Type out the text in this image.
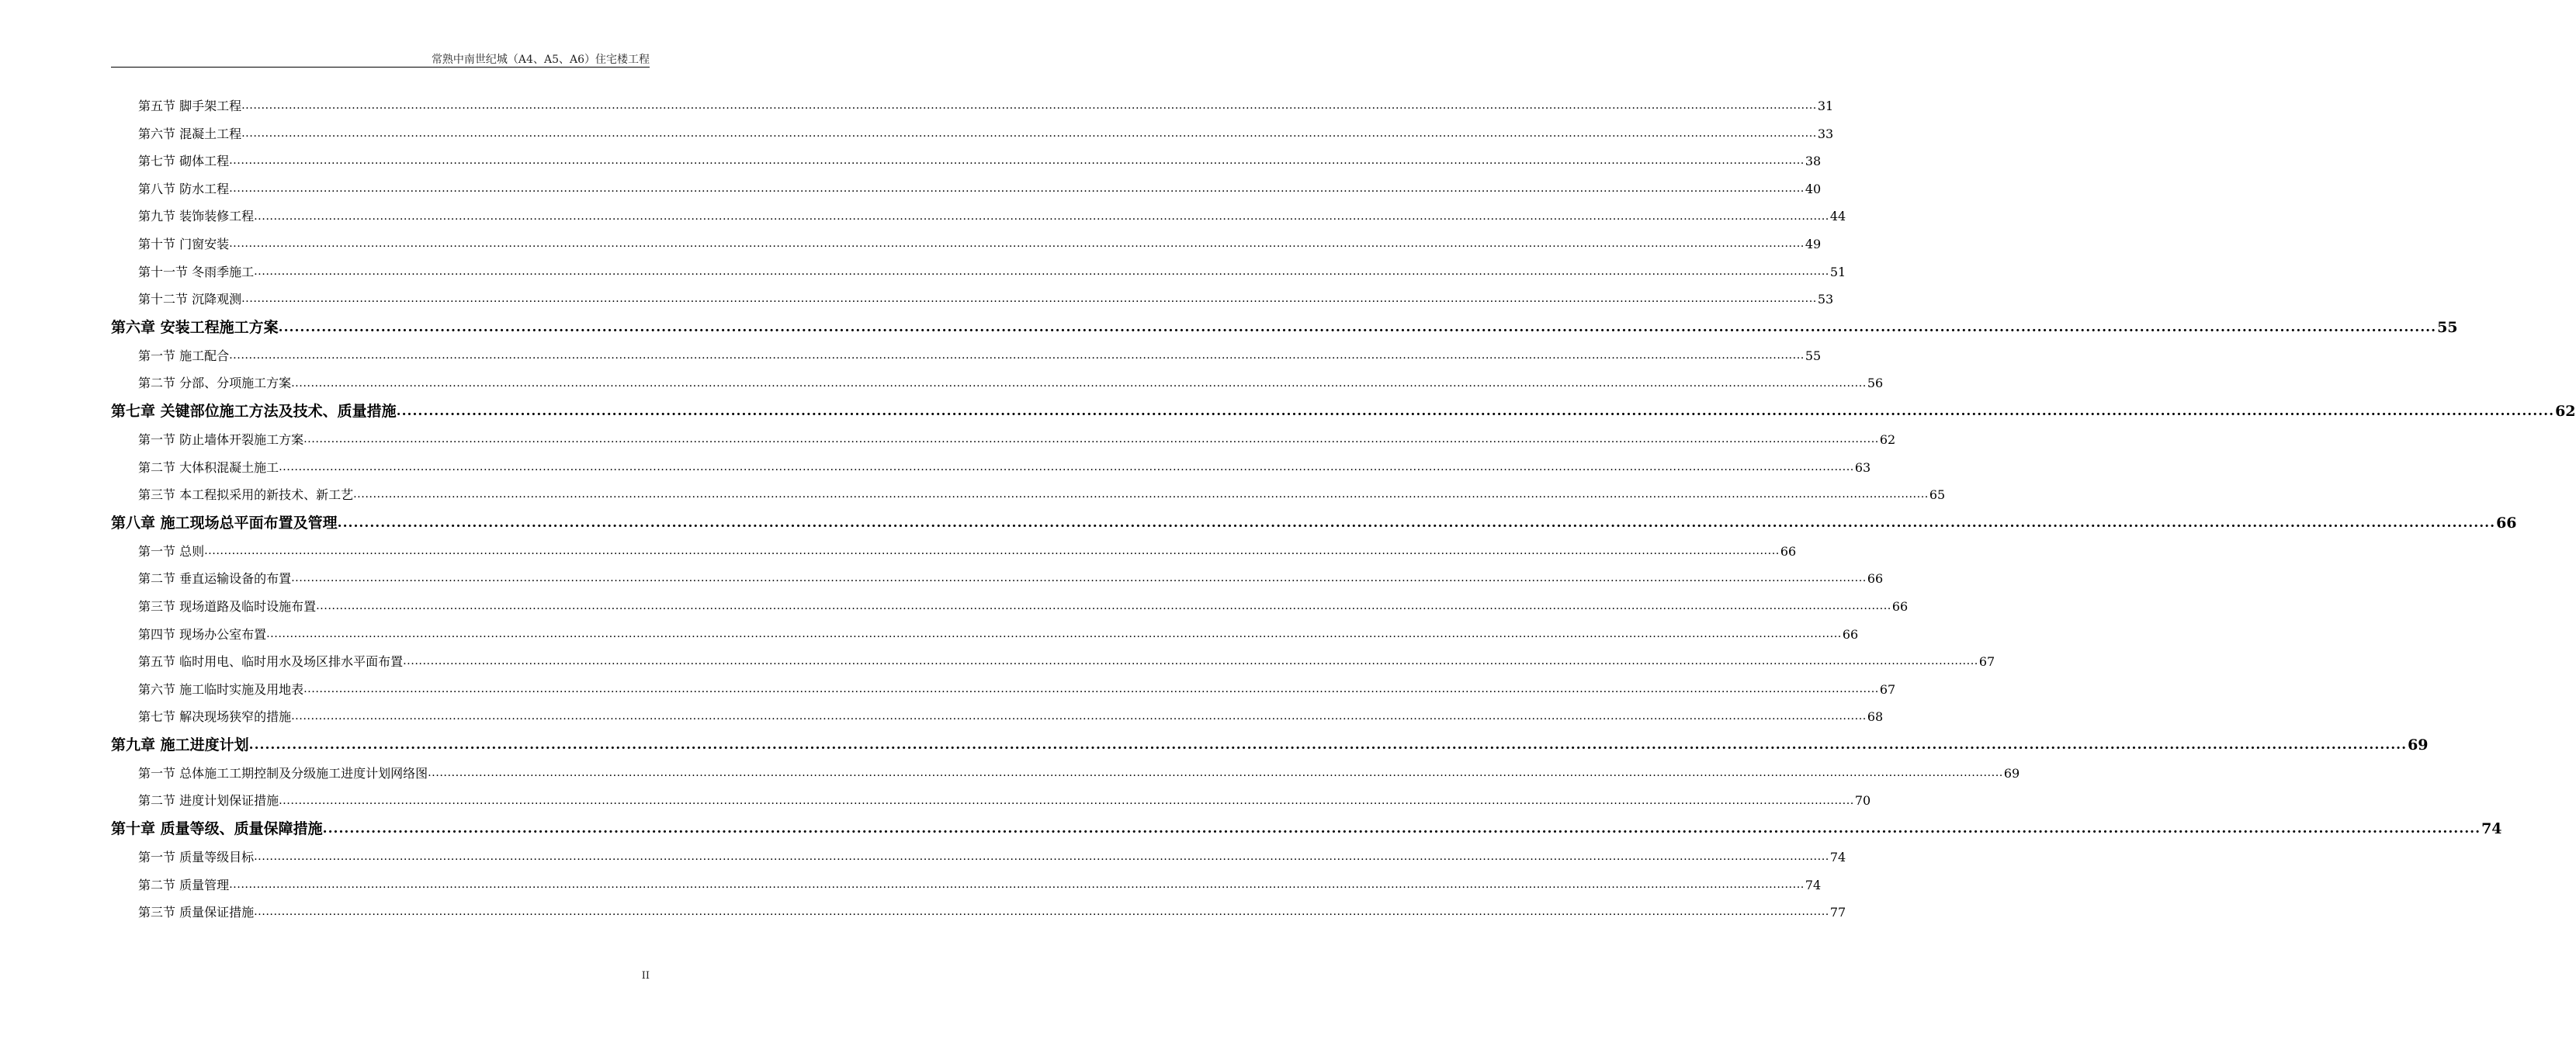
常熟中南世纪城（A4、A5、A6）住宅楼工程
第五节 脚手架工程 ................................................................................................................................................................................................................................................................................................................................................................................................................ 31
第六节 混凝土工程 ................................................................................................................................................................................................................................................................................................................................................................................................................ 33
第七节 砌体工程 ................................................................................................................................................................................................................................................................................................................................................................................................................ 38
第八节 防水工程 ................................................................................................................................................................................................................................................................................................................................................................................................................ 40
第九节 装饰装修工程 ................................................................................................................................................................................................................................................................................................................................................................................................................ 44
第十节 门窗安装 ................................................................................................................................................................................................................................................................................................................................................................................................................ 49
第十一节 冬雨季施工 ................................................................................................................................................................................................................................................................................................................................................................................................................ 51
第十二节 沉降观测 ................................................................................................................................................................................................................................................................................................................................................................................................................ 53
第六章 安装工程施工方案 ................................................................................................................................................................................................................................................................................................................................................................................................................ 55
第一节 施工配合 ................................................................................................................................................................................................................................................................................................................................................................................................................ 55
第二节 分部、分项施工方案 ................................................................................................................................................................................................................................................................................................................................................................................................................ 56
第七章 关键部位施工方法及技术、质量措施 ................................................................................................................................................................................................................................................................................................................................................................................................................ 62
第一节 防止墙体开裂施工方案 ................................................................................................................................................................................................................................................................................................................................................................................................................ 62
第二节 大体积混凝土施工 ................................................................................................................................................................................................................................................................................................................................................................................................................ 63
第三节 本工程拟采用的新技术、新工艺 ................................................................................................................................................................................................................................................................................................................................................................................................................ 65
第八章 施工现场总平面布置及管理 ................................................................................................................................................................................................................................................................................................................................................................................................................ 66
第一节 总则 ................................................................................................................................................................................................................................................................................................................................................................................................................ 66
第二节 垂直运输设备的布置 ................................................................................................................................................................................................................................................................................................................................................................................................................ 66
第三节 现场道路及临时设施布置 ................................................................................................................................................................................................................................................................................................................................................................................................................ 66
第四节 现场办公室布置 ................................................................................................................................................................................................................................................................................................................................................................................................................ 66
第五节 临时用电、临时用水及场区排水平面布置 ................................................................................................................................................................................................................................................................................................................................................................................................................ 67
第六节 施工临时实施及用地表 ................................................................................................................................................................................................................................................................................................................................................................................................................ 67
第七节 解决现场狭窄的措施 ................................................................................................................................................................................................................................................................................................................................................................................................................ 68
第九章 施工进度计划 ................................................................................................................................................................................................................................................................................................................................................................................................................ 69
第一节 总体施工工期控制及分级施工进度计划网络图 ................................................................................................................................................................................................................................................................................................................................................................................................................ 69
第二节 进度计划保证措施 ................................................................................................................................................................................................................................................................................................................................................................................................................ 70
第十章 质量等级、质量保障措施 ................................................................................................................................................................................................................................................................................................................................................................................................................ 74
第一节 质量等级目标 ................................................................................................................................................................................................................................................................................................................................................................................................................ 74
第二节 质量管理 ................................................................................................................................................................................................................................................................................................................................................................................................................ 74
第三节 质量保证措施 ................................................................................................................................................................................................................................................................................................................................................................................................................ 77
II
